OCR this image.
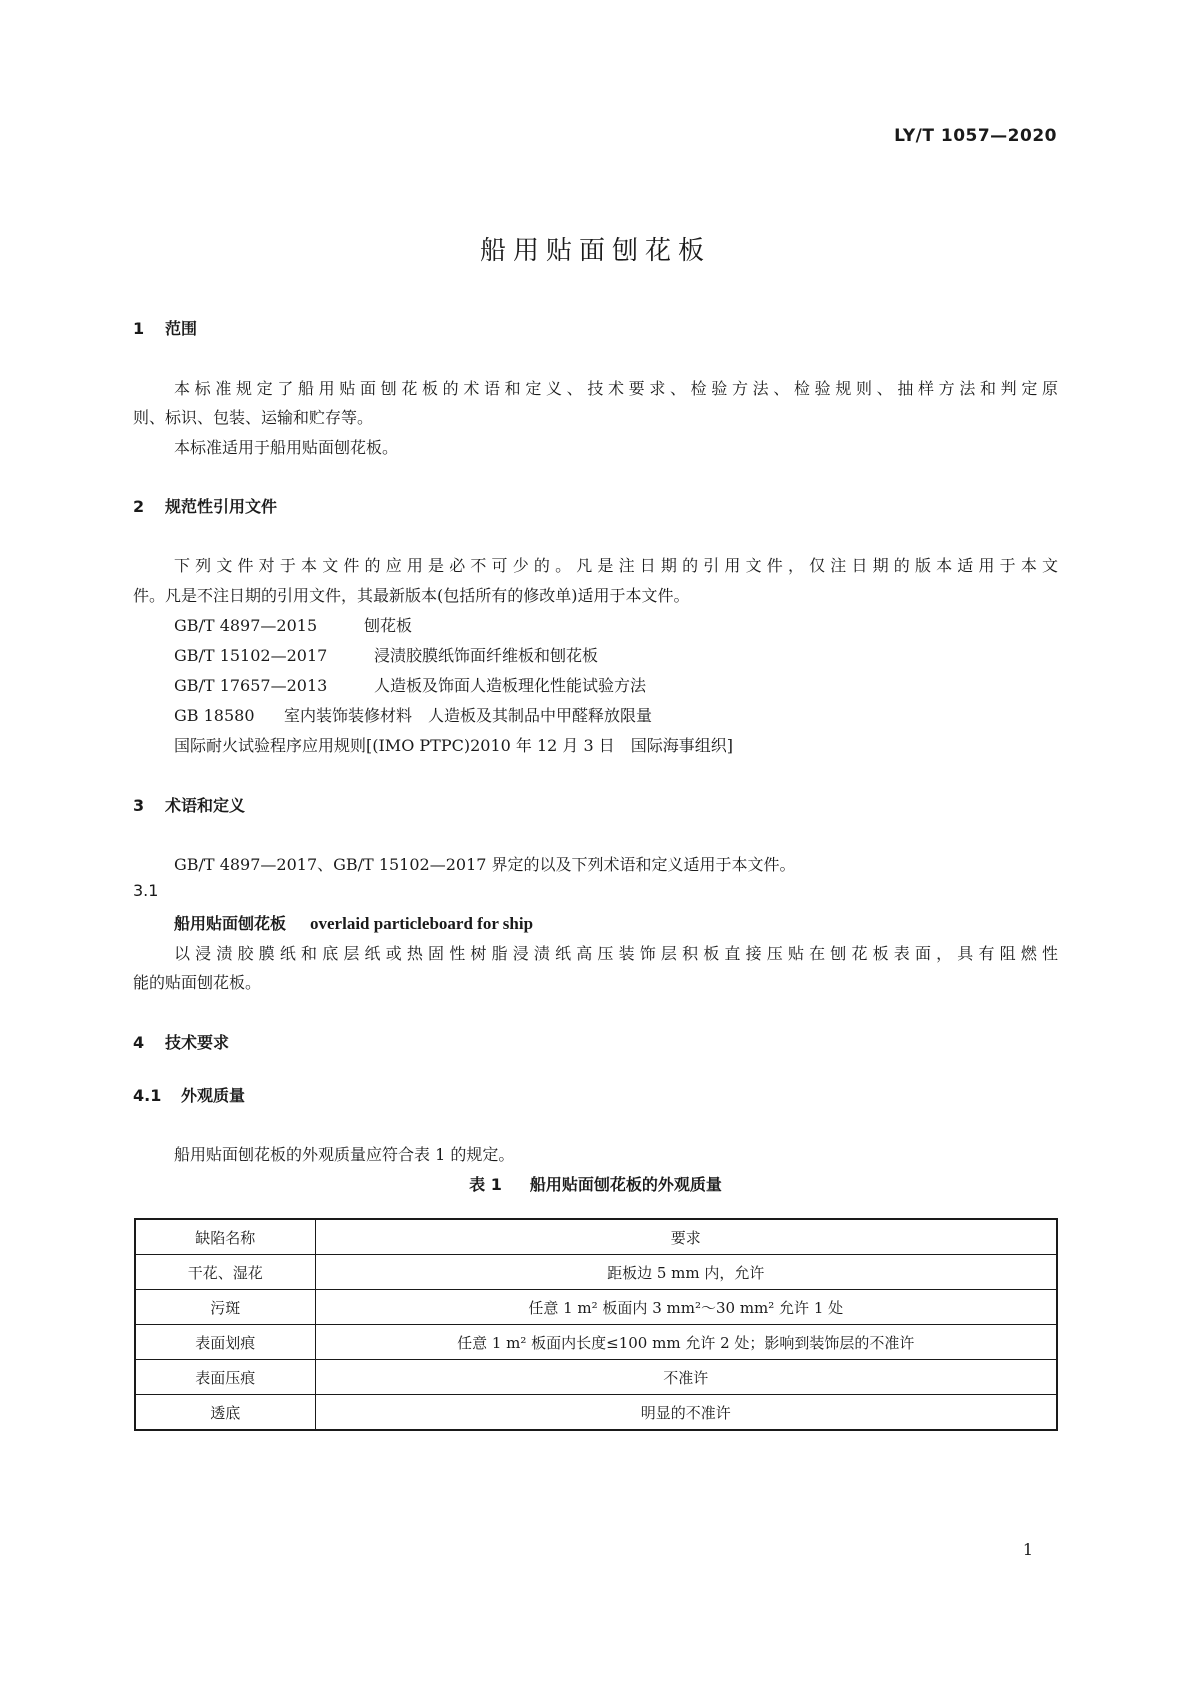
LY/T 1057—2020
船用贴面刨花板
1 范围
本标准规定了船用贴面刨花板的术语和定义、技术要求、检验方法、检验规则、抽样方法和判定原
则、标识、包装、运输和贮存等。
本标准适用于船用贴面刨花板。
2 规范性引用文件
下列文件对于本文件的应用是必不可少的。凡是注日期的引用文件，仅注日期的版本适用于本文
件。凡是不注日期的引用文件，其最新版本(包括所有的修改单)适用于本文件。
GB/T 4897—2015	刨花板
GB/T 15102—2017	浸渍胶膜纸饰面纤维板和刨花板
GB/T 17657—2013	人造板及饰面人造板理化性能试验方法
GB 18580 室内装饰装修材料　人造板及其制品中甲醛释放限量
国际耐火试验程序应用规则[(IMO PTPC)2010 年 12 月 3 日　国际海事组织]
3 术语和定义
GB/T 4897—2017、GB/T 15102—2017 界定的以及下列术语和定义适用于本文件。
3.1
船用贴面刨花板 overlaid particleboard for ship
以浸渍胶膜纸和底层纸或热固性树脂浸渍纸高压装饰层积板直接压贴在刨花板表面，具有阻燃性
能的贴面刨花板。
4 技术要求
4.1 外观质量
船用贴面刨花板的外观质量应符合表 1 的规定。
表 1 船用贴面刨花板的外观质量
缺陷名称	要求
干花、湿花	距板边 5 mm 内，允许
污斑	任意 1 m² 板面内 3 mm²～30 mm² 允许 1 处
表面划痕	任意 1 m² 板面内长度≤100 mm 允许 2 处；影响到装饰层的不准许
表面压痕	不准许
透底	明显的不准许
1
